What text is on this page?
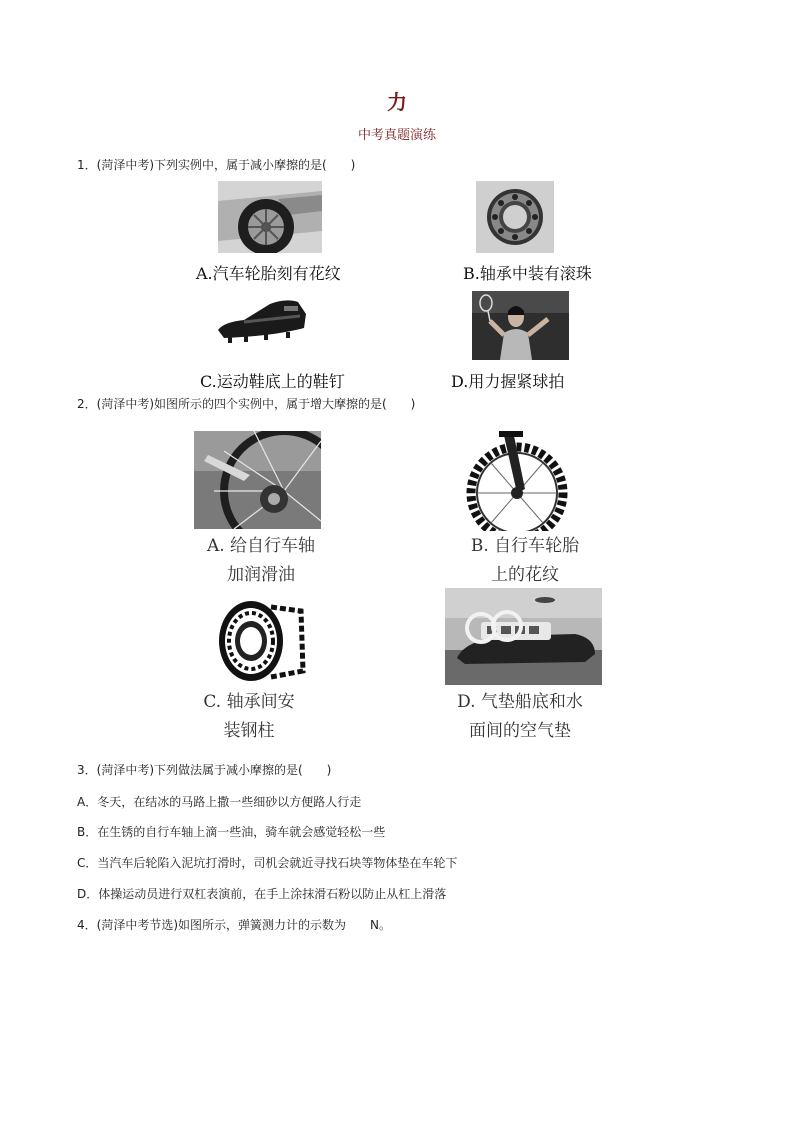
力
中考真题演练
1．(菏泽中考)下列实例中，属于减小摩擦的是(　　)
A.汽车轮胎刻有花纹	B.轴承中装有滚珠
C.运动鞋底上的鞋钉	D.用力握紧球拍
2．(菏泽中考)如图所示的四个实例中，属于增大摩擦的是(　　)
A. 给自行车轴
加润滑油
B. 自行车轮胎
上的花纹
C. 轴承间安
装钢柱
D. 气垫船底和水
面间的空气垫
3．(菏泽中考)下列做法属于减小摩擦的是(　　)
A．冬天，在结冰的马路上撒一些细砂以方便路人行走
B．在生锈的自行车轴上滴一些油，骑车就会感觉轻松一些
C．当汽车后轮陷入泥坑打滑时，司机会就近寻找石块等物体垫在车轮下
D．体操运动员进行双杠表演前，在手上涂抹滑石粉以防止从杠上滑落
4．(菏泽中考节选)如图所示，弹簧测力计的示数为　　N。
